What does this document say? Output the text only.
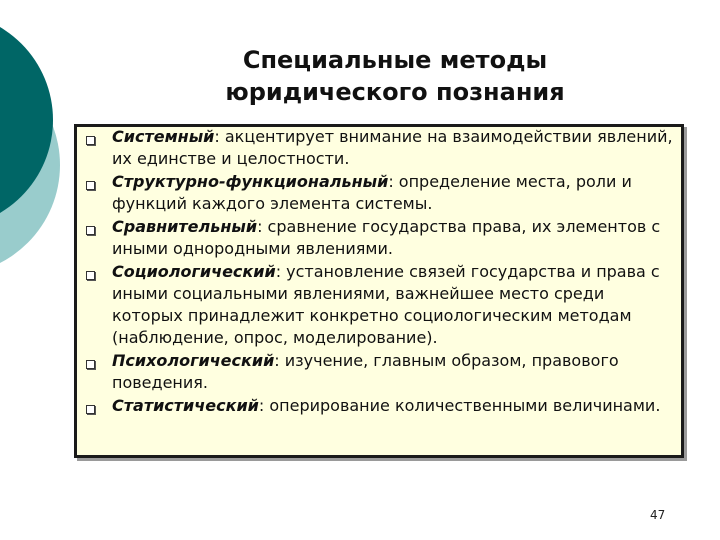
Специальные методы
юридического познания
Системный: акцентирует внимание на взаимодействии явлений, их единстве и целостности.
Структурно-функциональный: определение места, роли и функций каждого элемента системы.
Сравнительный: сравнение государства права, их элементов с иными однородными явлениями.
Социологический: установление связей государства и права с иными социальными явлениями, важнейшее место среди которых принадлежит конкретно социологическим методам (наблюдение, опрос, моделирование).
Психологический: изучение, главным образом, правового поведения.
Статистический: оперирование количественными величинами.
47
